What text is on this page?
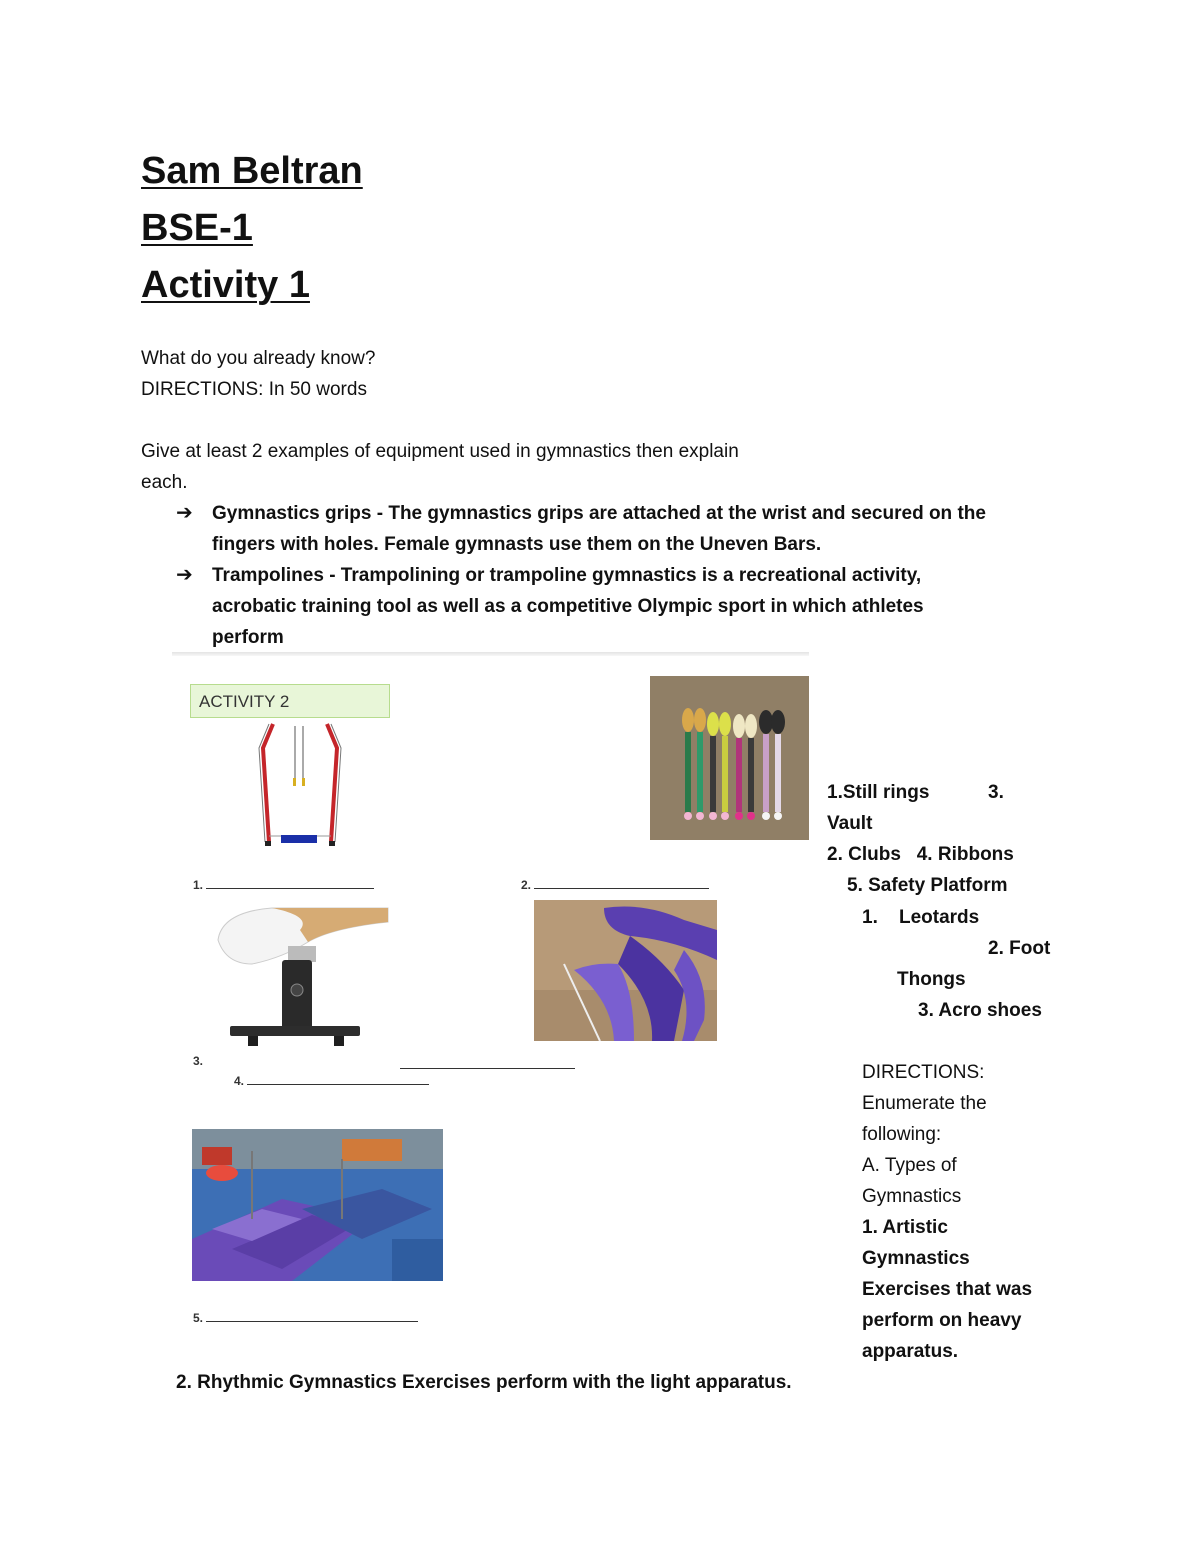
Sam Beltran
BSE-1
Activity 1
What do you already know?
DIRECTIONS: In 50 words
Give at least 2 examples of equipment used in gymnastics then explain
each.
➔	Gymnastics grips - The gymnastics grips are attached at the wrist and secured on the
fingers with holes. Female gymnasts use them on the Uneven Bars.
➔	Trampolines - Trampolining or trampoline gymnastics is a recreational activity,
acrobatic training tool as well as a competitive Olympic sport in which athletes
perform
ACTIVITY 2
1.	2.
3.
4.
5.
1.Still rings	3.
Vault
2. Clubs   4. Ribbons
5. Safety Platform
1.    Leotards
2. Foot
Thongs
3. Acro shoes
DIRECTIONS:
Enumerate the
following:
A. Types of
Gymnastics
1. Artistic
Gymnastics
Exercises that was
perform on heavy
apparatus.
2. Rhythmic Gymnastics Exercises perform with the light apparatus.
